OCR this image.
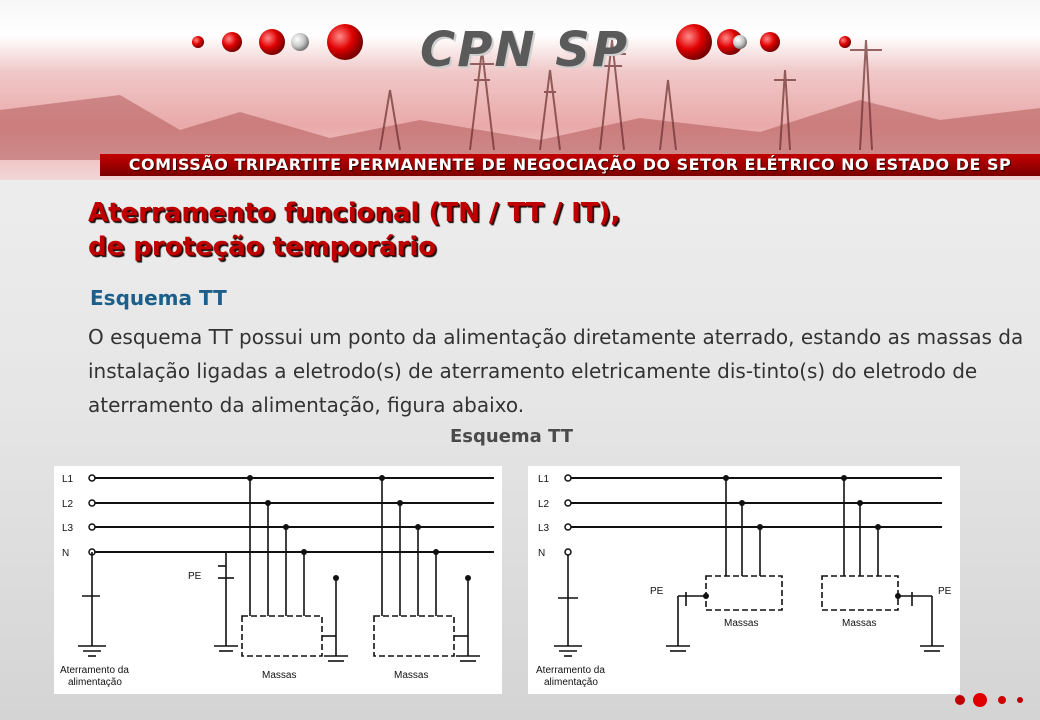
CPN SP
COMISSÃO TRIPARTITE PERMANENTE DE NEGOCIAÇÃO DO SETOR ELÉTRICO NO ESTADO DE SP
Aterramento funcional (TN / TT / IT),
de proteção temporário
Esquema TT
O esquema TT possui um ponto da alimentação diretamente aterrado, estando as massas da instalação ligadas a eletrodo(s) de aterramento eletricamente dis-tinto(s) do eletrodo de aterramento da alimentação, figura abaixo.
Esquema TT
L1
L2
L3
N
Aterramento da
alimentação
PE
Massas	Massas
L1
L2
L3
N
Aterramento da
alimentação
PE
Massas
PE
Massas
